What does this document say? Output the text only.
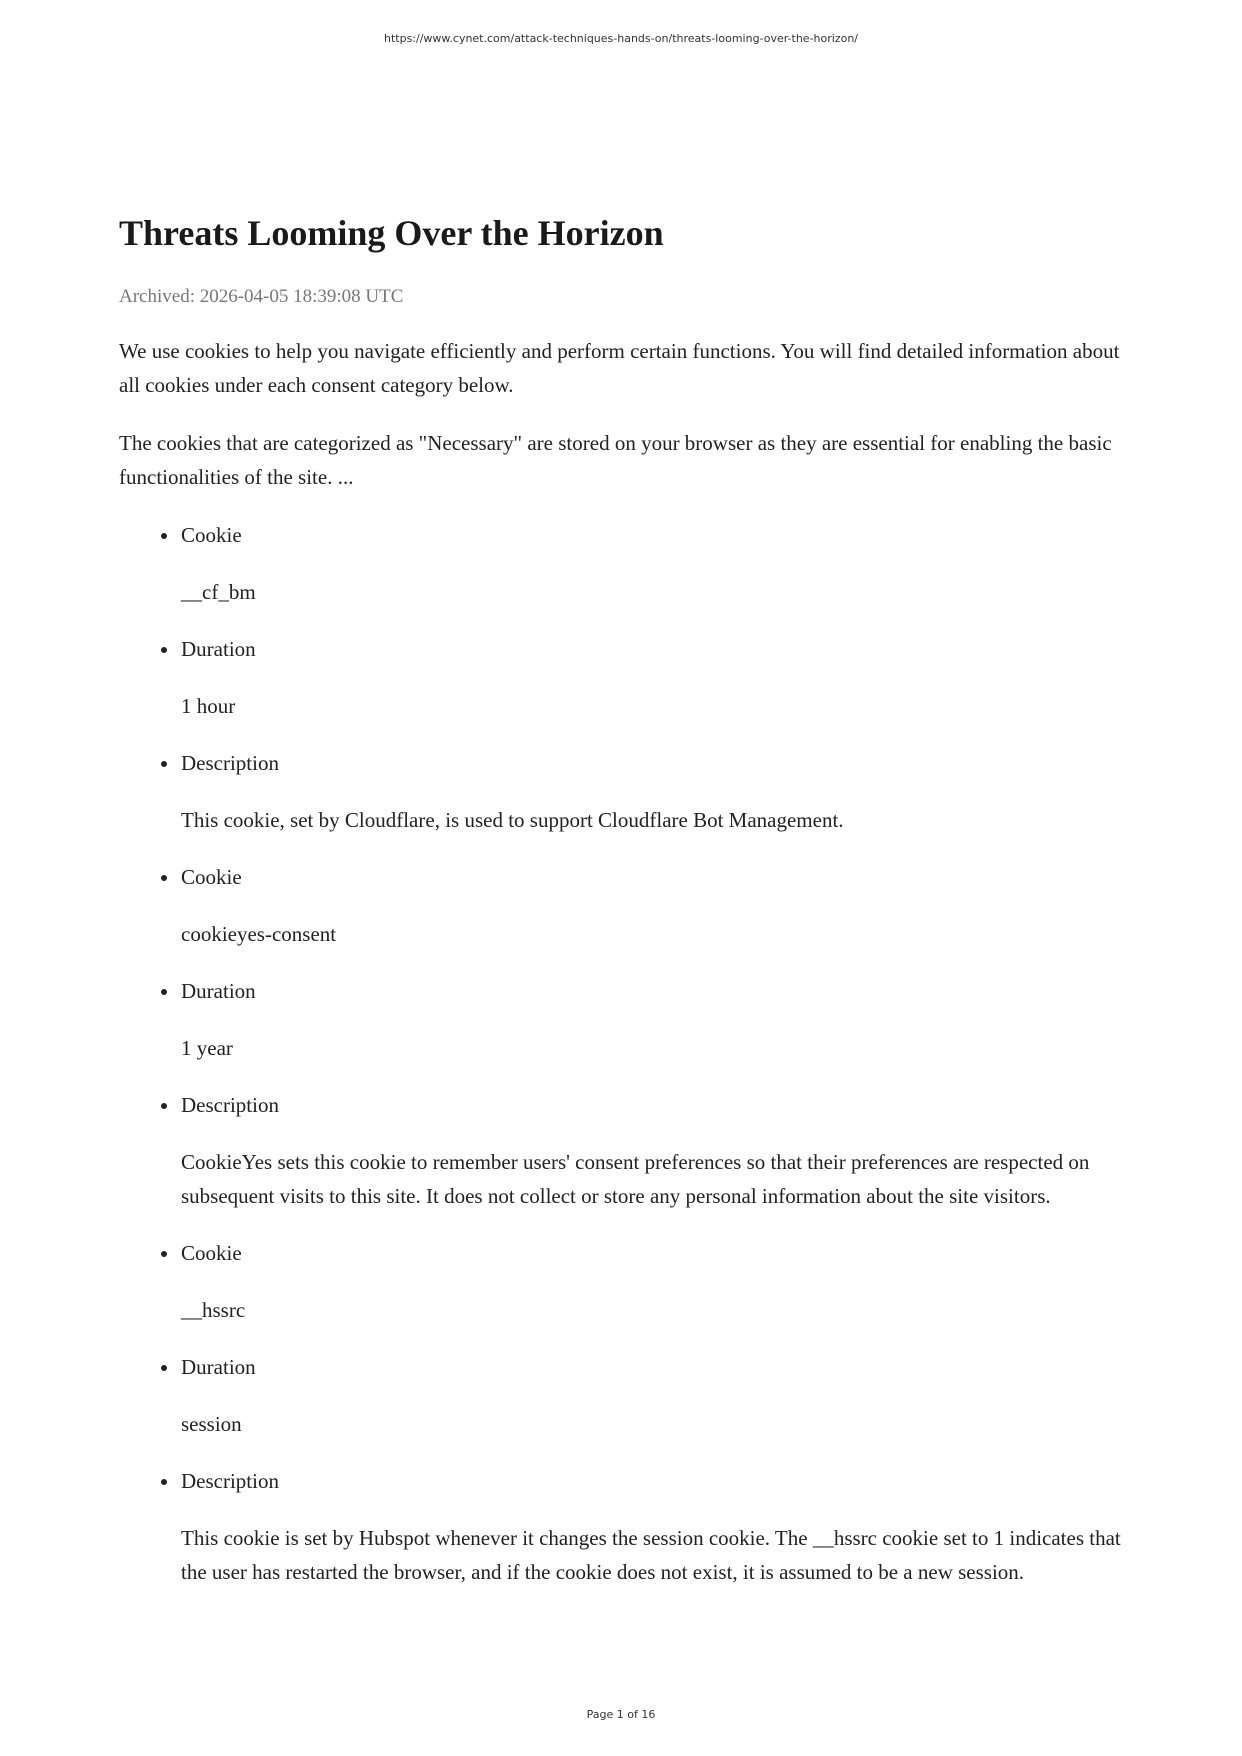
https://www.cynet.com/attack-techniques-hands-on/threats-looming-over-the-horizon/

Threats Looming Over the Horizon
Archived: 2026-04-05 18:39:08 UTC

We use cookies to help you navigate efficiently and perform certain functions. You will find detailed information about all cookies under each consent category below.

The cookies that are categorized as "Necessary" are stored on your browser as they are essential for enabling the basic functionalities of the site. ...

Cookie
__cf_bm
Duration
1 hour
Description
This cookie, set by Cloudflare, is used to support Cloudflare Bot Management.
Cookie
cookieyes-consent
Duration
1 year
Description
CookieYes sets this cookie to remember users' consent preferences so that their preferences are respected on subsequent visits to this site. It does not collect or store any personal information about the site visitors.
Cookie
__hssrc
Duration
session
Description
This cookie is set by Hubspot whenever it changes the session cookie. The __hssrc cookie set to 1 indicates that the user has restarted the browser, and if the cookie does not exist, it is assumed to be a new session.

Page 1 of 16
